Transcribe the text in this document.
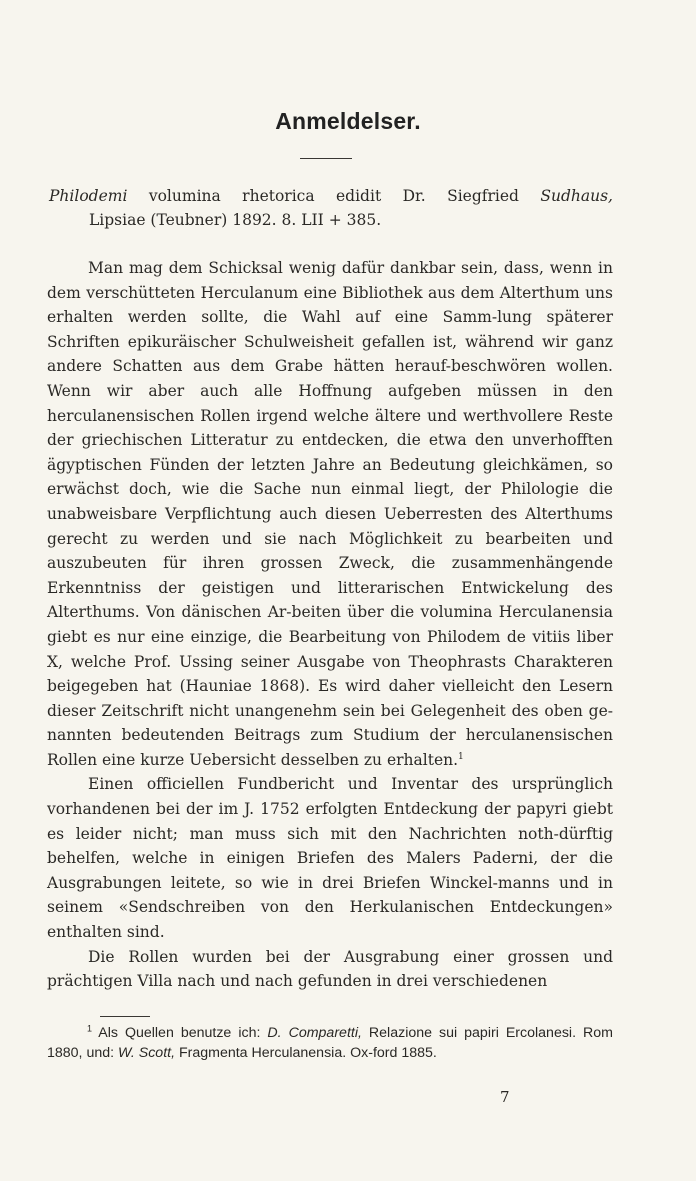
Anmeldelser.
Philodemi volumina rhetorica edidit Dr. Siegfried Sudhaus,
Lipsiae (Teubner) 1892. 8. LII + 385.

Man mag dem Schicksal wenig dafür dankbar sein, dass, wenn in dem verschütteten Herculanum eine Bibliothek aus dem Alterthum uns erhalten werden sollte, die Wahl auf eine Samm-lung späterer Schriften epikuräischer Schulweisheit gefallen ist, während wir ganz andere Schatten aus dem Grabe hätten herauf-beschwören wollen. Wenn wir aber auch alle Hoffnung aufgeben müssen in den herculanensischen Rollen irgend welche ältere und werthvollere Reste der griechischen Litteratur zu entdecken, die etwa den unverhofften ägyptischen Fünden der letzten Jahre an Bedeutung gleichkämen, so erwächst doch, wie die Sache nun einmal liegt, der Philologie die unabweisbare Verpflichtung auch diesen Ueberresten des Alterthums gerecht zu werden und sie nach Möglichkeit zu bearbeiten und auszubeuten für ihren grossen Zweck, die zusammenhängende Erkenntniss der geistigen und litterarischen Entwickelung des Alterthums. Von dänischen Ar-beiten über die volumina Herculanensia giebt es nur eine einzige, die Bearbeitung von Philodem de vitiis liber X, welche Prof. Ussing seiner Ausgabe von Theophrasts Charakteren beigegeben hat (Hauniae 1868). Es wird daher vielleicht den Lesern dieser Zeitschrift nicht unangenehm sein bei Gelegenheit des oben ge-nannten bedeutenden Beitrags zum Studium der herculanensischen Rollen eine kurze Uebersicht desselben zu erhalten.$^1$

Einen officiellen Fundbericht und Inventar des ursprünglich vorhandenen bei der im J. 1752 erfolgten Entdeckung der papyri giebt es leider nicht; man muss sich mit den Nachrichten noth-dürftig behelfen, welche in einigen Briefen des Malers Paderni, der die Ausgrabungen leitete, so wie in drei Briefen Winckel-manns und in seinem «Sendschreiben von den Herkulanischen Entdeckungen» enthalten sind.

Die Rollen wurden bei der Ausgrabung einer grossen und prächtigen Villa nach und nach gefunden in drei verschiedenen

$^1$ Als Quellen benutze ich: D. Comparetti, Relazione sui papiri Ercolanesi. Rom 1880, und: W. Scott, Fragmenta Herculanensia. Ox-ford 1885.

7
